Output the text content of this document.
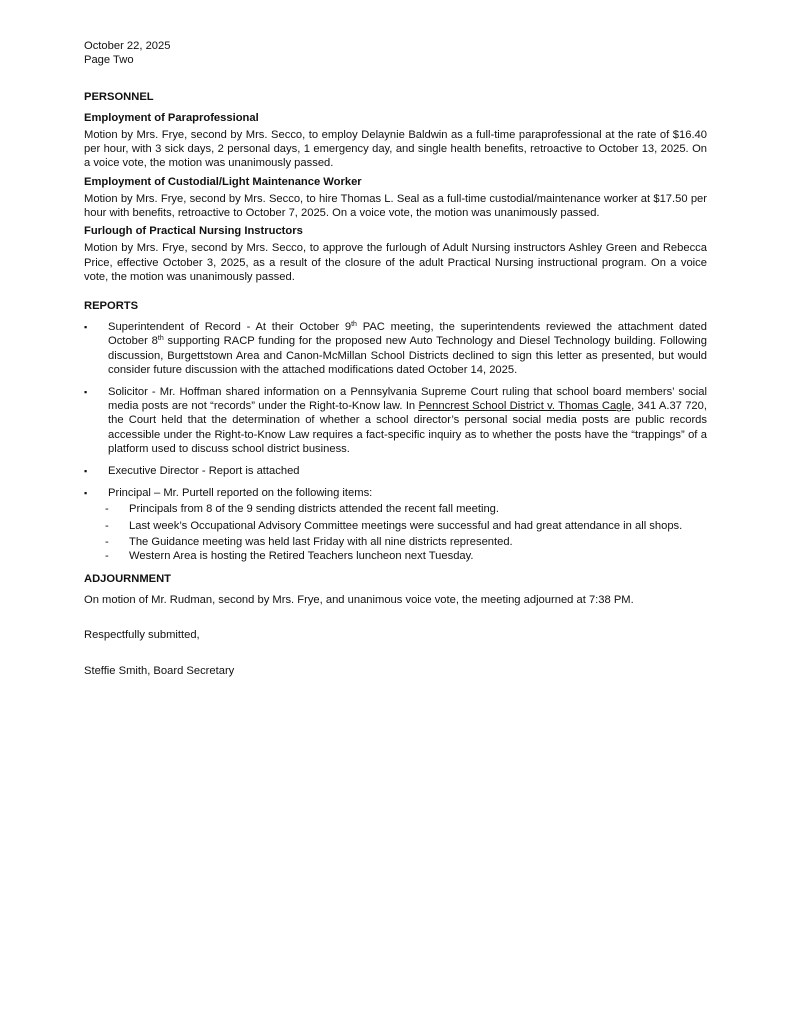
October 22, 2025
Page Two
PERSONNEL
Employment of Paraprofessional

Motion by Mrs. Frye, second by Mrs. Secco, to employ Delaynie Baldwin as a full-time paraprofessional at the rate of $16.40 per hour, with 3 sick days, 2 personal days, 1 emergency day, and single health benefits, retroactive to October 13, 2025. On a voice vote, the motion was unanimously passed.

Employment of Custodial/Light Maintenance Worker

Motion by Mrs. Frye, second by Mrs. Secco, to hire Thomas L. Seal as a full-time custodial/maintenance worker at $17.50 per hour with benefits, retroactive to October 7, 2025. On a voice vote, the motion was unanimously passed.

Furlough of Practical Nursing Instructors

Motion by Mrs. Frye, second by Mrs. Secco, to approve the furlough of Adult Nursing instructors Ashley Green and Rebecca Price, effective October 3, 2025, as a result of the closure of the adult Practical Nursing instructional program. On a voice vote, the motion was unanimously passed.

REPORTS
▪ Superintendent of Record - At their October 9th PAC meeting, the superintendents reviewed the attachment dated October 8th supporting RACP funding for the proposed new Auto Technology and Diesel Technology building. Following discussion, Burgettstown Area and Canon-McMillan School Districts declined to sign this letter as presented, but would consider future discussion with the attached modifications dated October 14, 2025.
▪ Solicitor - Mr. Hoffman shared information on a Pennsylvania Supreme Court ruling that school board members’ social media posts are not “records” under the Right-to-Know law. In Penncrest School District v. Thomas Cagle, 341 A.37 720, the Court held that the determination of whether a school director’s personal social media posts are public records accessible under the Right-to-Know Law requires a fact-specific inquiry as to whether the posts have the “trappings” of a platform used to discuss school district business.
▪ Executive Director - Report is attached
▪ Principal – Mr. Purtell reported on the following items:
- Principals from 8 of the 9 sending districts attended the recent fall meeting.
- Last week’s Occupational Advisory Committee meetings were successful and had great attendance in all shops.
- The Guidance meeting was held last Friday with all nine districts represented.
- Western Area is hosting the Retired Teachers luncheon next Tuesday.
ADJOURNMENT

On motion of Mr. Rudman, second by Mrs. Frye, and unanimous voice vote, the meeting adjourned at 7:38 PM.

Respectfully submitted,
Steffie Smith, Board Secretary
